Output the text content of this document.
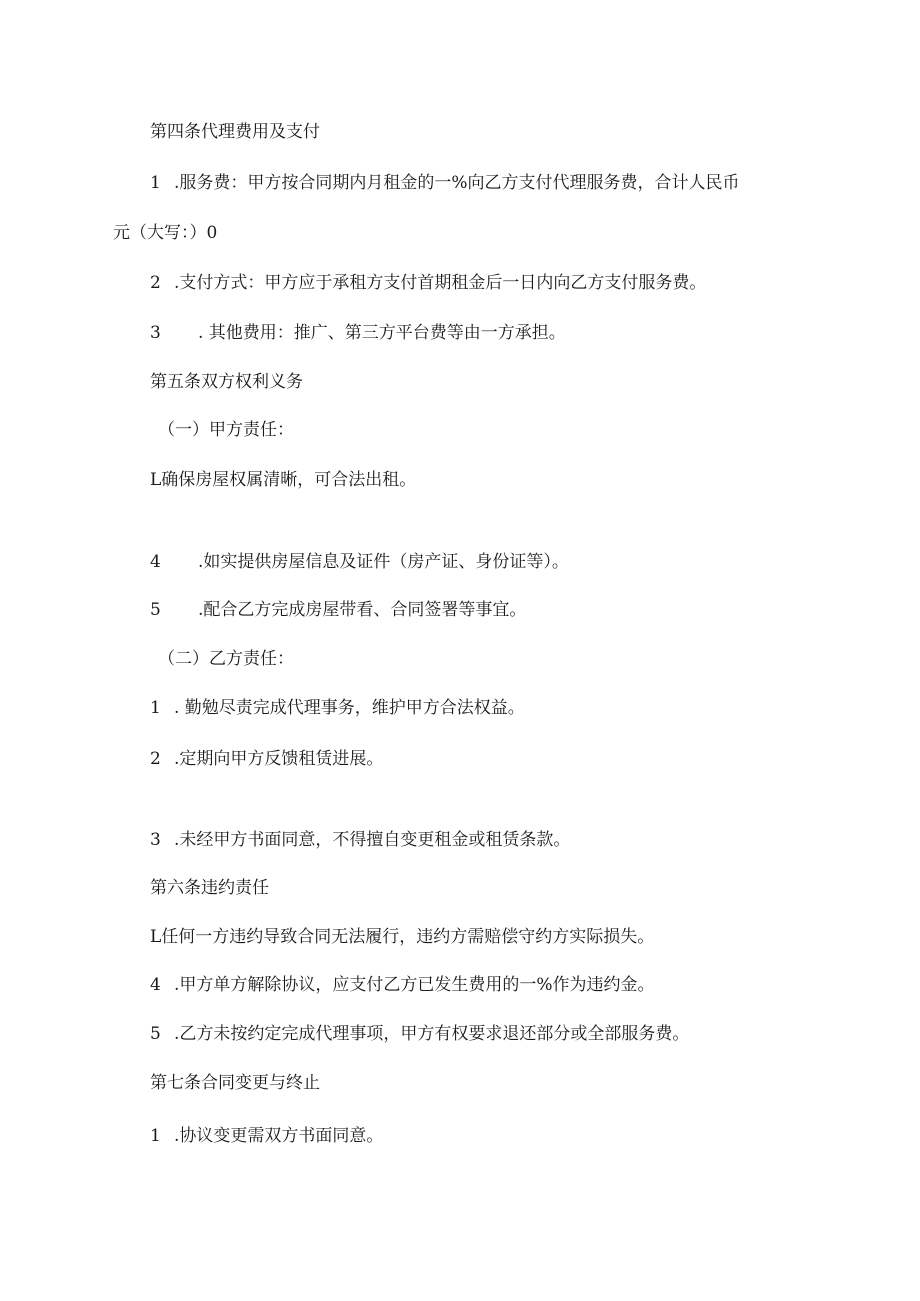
第四条代理费用及支付
1 .服务费：甲方按合同期内月租金的一%向乙方支付代理服务费，合计人民币
元（大写：）0
2 .支付方式：甲方应于承租方支付首期租金后一日内向乙方支付服务费。
3 . 其他费用：推广、第三方平台费等由一方承担。
第五条双方权利义务
（一）甲方责任：
L确保房屋权属清晰，可合法出租。
4 .如实提供房屋信息及证件（房产证、身份证等）。
5 .配合乙方完成房屋带看、合同签署等事宜。
（二）乙方责任：
1 . 勤勉尽责完成代理事务，维护甲方合法权益。
2 .定期向甲方反馈租赁进展。
3 .未经甲方书面同意，不得擅自变更租金或租赁条款。
第六条违约责任
L任何一方违约导致合同无法履行，违约方需赔偿守约方实际损失。
4 .甲方单方解除协议，应支付乙方已发生费用的一%作为违约金。
5 .乙方未按约定完成代理事项，甲方有权要求退还部分或全部服务费。
第七条合同变更与终止
1 .协议变更需双方书面同意。
